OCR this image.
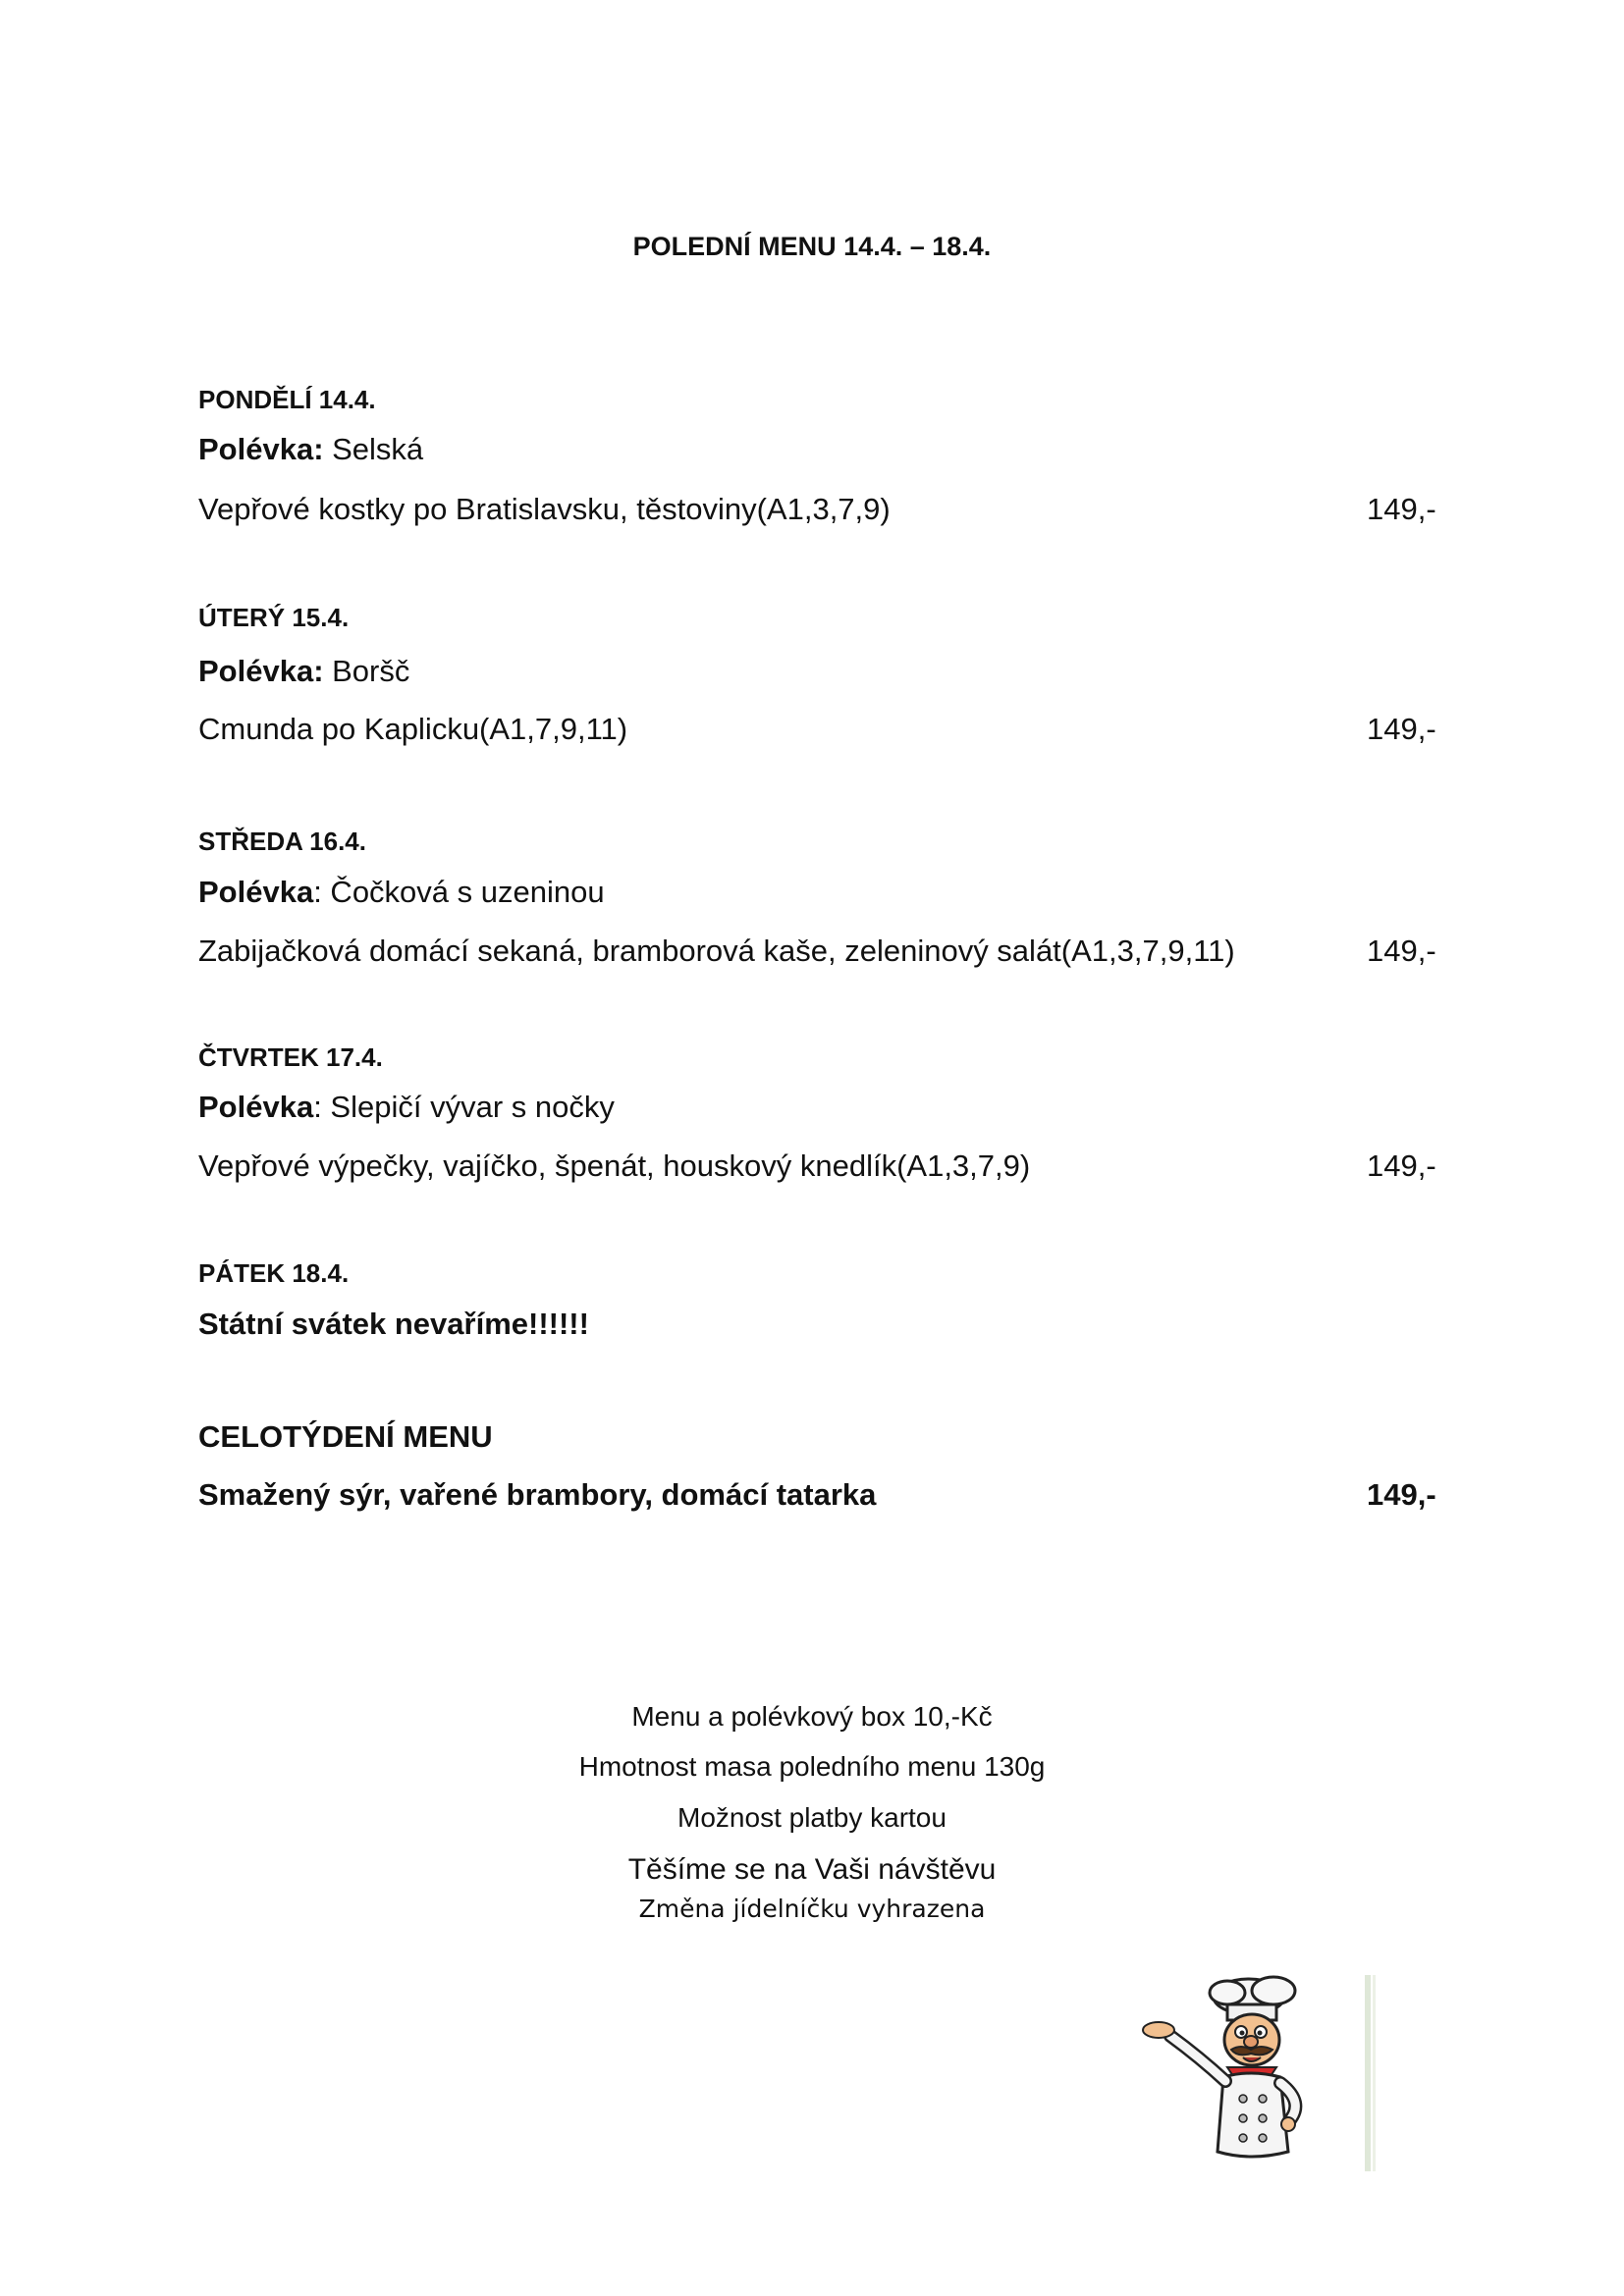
POLEDNÍ MENU 14.4. – 18.4.
PONDĚLÍ 14.4.
Polévka: Selská
Vepřové kostky po Bratislavsku, těstoviny(A1,3,7,9)	149,-
ÚTERÝ 15.4.
Polévka: Boršč
Cmunda po Kaplicku(A1,7,9,11)	149,-
STŘEDA 16.4.
Polévka: Čočková s uzeninou
Zabijačková domácí sekaná, bramborová kaše, zeleninový salát(A1,3,7,9,11)	149,-
ČTVRTEK 17.4.
Polévka: Slepičí vývar s nočky
Vepřové výpečky, vajíčko, špenát, houskový knedlík(A1,3,7,9)	149,-
PÁTEK 18.4.
Státní svátek nevaříme!!!!!!
CELOTÝDENÍ MENU
Smažený sýr, vařené brambory, domácí tatarka	149,-
Menu a polévkový box 10,-Kč
Hmotnost masa poledního menu 130g
Možnost platby kartou
Těšíme se na Vaši návštěvu
Změna jídelníčku vyhrazena
